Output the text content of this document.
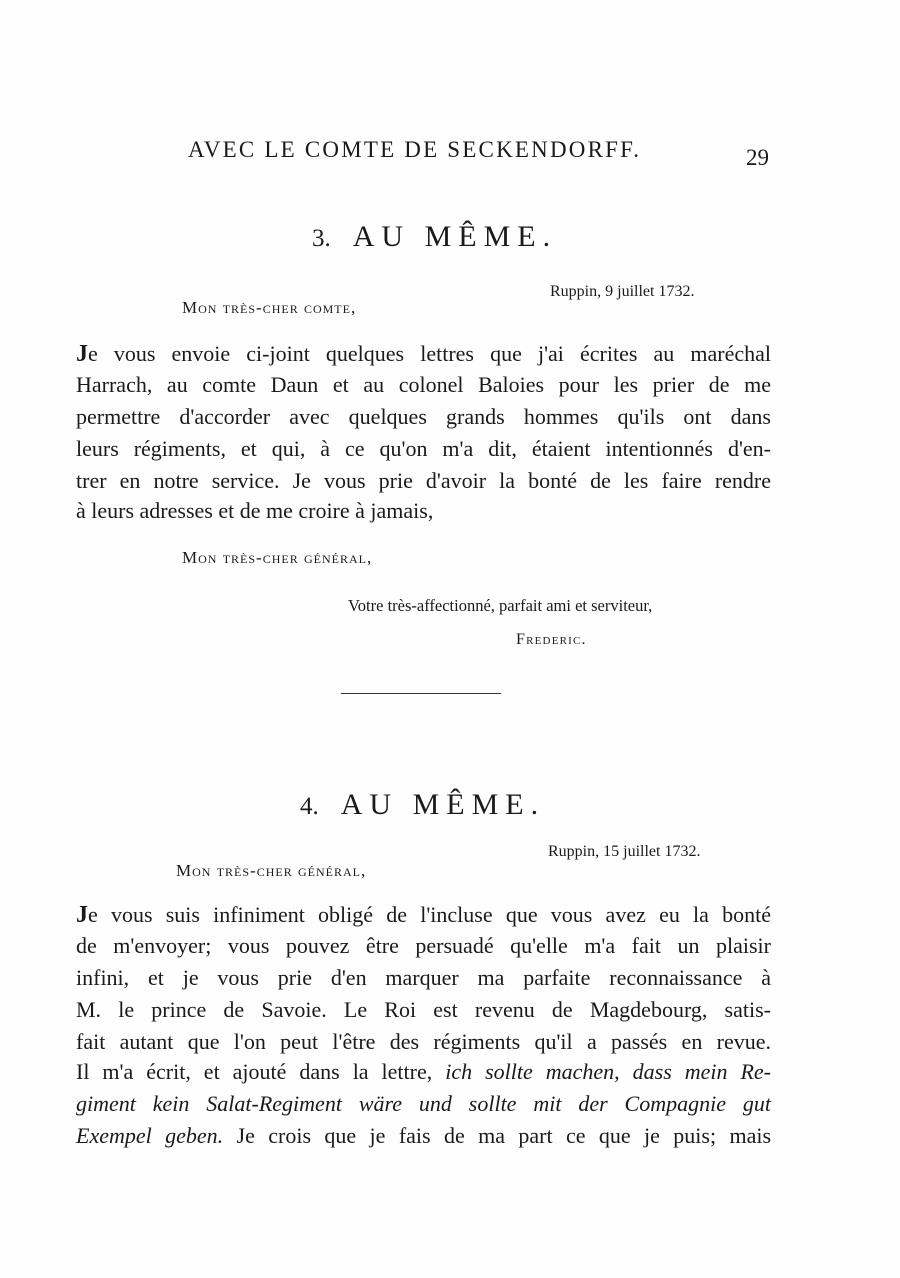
AVEC LE COMTE DE SECKENDORFF.	29
3. AU MÊME.
Ruppin, 9 juillet 1732.
Mon très-cher comte,
Je vous envoie ci-joint quelques lettres que j'ai écrites au maréchal
Harrach, au comte Daun et au colonel Baloies pour les prier de me
permettre d'accorder avec quelques grands hommes qu'ils ont dans
leurs régiments, et qui, à ce qu'on m'a dit, étaient intentionnés d'en-
trer en notre service. Je vous prie d'avoir la bonté de les faire rendre
à leurs adresses et de me croire à jamais,
Mon très-cher général,
Votre très-affectionné, parfait ami et serviteur,
Frederic.
4. AU MÊME.
Ruppin, 15 juillet 1732.
Mon très-cher général,
Je vous suis infiniment obligé de l'incluse que vous avez eu la bonté
de m'envoyer; vous pouvez être persuadé qu'elle m'a fait un plaisir
infini, et je vous prie d'en marquer ma parfaite reconnaissance à
M. le prince de Savoie. Le Roi est revenu de Magdebourg, satis-
fait autant que l'on peut l'être des régiments qu'il a passés en revue.
Il m'a écrit, et ajouté dans la lettre, ich sollte machen, dass mein Re-
giment kein Salat-Regiment wäre und sollte mit der Compagnie gut
Exempel geben. Je crois que je fais de ma part ce que je puis; mais
